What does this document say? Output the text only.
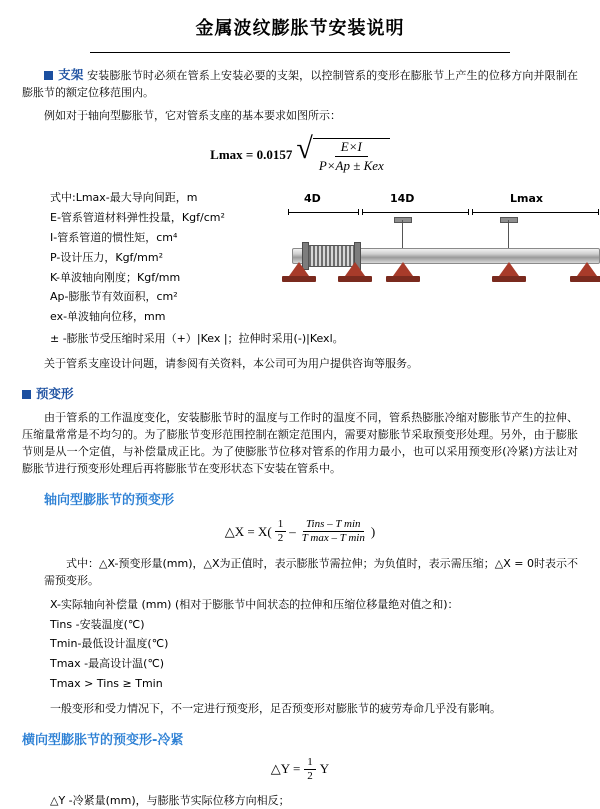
金属波纹膨胀节安装说明

支架 安装膨胀节时必须在管系上安装必要的支架，以控制管系的变形在膨胀节上产生的位移方向并限制在膨胀节的额定位移范围内。

例如对于轴向型膨胀节，它对管系支座的基本要求如图所示：

Lmax = 0.0157 √ $\frac{E\times I}{\text{P×Ap ± Kex}}$
式中:Lmax-最大导向间距，m
E-管系管道材料弹性投量，Kgf/cm²
I-管系管道的惯性矩，cm⁴
P-设计压力，Kgf/mm²
K-单波轴向刚度；Kgf/mm
Ap-膨胀节有效面积，cm²
ex-单波轴向位移，mm
4D	14D	Lmax
± -膨胀节受压缩时采用（+）|Kex |；拉伸时采用(-)|Kexl。

关于管系支座设计问题，请参阅有关资料，本公司可为用户提供咨询等服务。

预变形

由于管系的工作温度变化，安装膨胀节时的温度与工作时的温度不同，管系热膨胀冷缩对膨胀节产生的拉伸、压缩量常常是不均匀的。为了膨胀节变形范围控制在额定范围内，需要对膨胀节采取预变形处理。另外，由于膨胀节则是从一个定值，与补偿量成正比。为了使膨胀节位移对管系的作用力最小，也可以采用预变形(冷紧)方法让对膨胀节进行预变形处理后再将膨胀节在变形状态下安装在管系中。

轴向型膨胀节的预变形
△X = $X( \frac{1}{2}$ – Tins – T min
T max – T min )

式中：△X-预变形量(mm)，△X为正值时，表示膨胀节需拉伸；为负值时，表示需压缩；△X = 0时表示不需预变形。

X-实际轴向补偿量 (mm) (相对于膨胀节中间状态的拉伸和压缩位移量绝对值之和)：
Tins -安装温度(℃)
Tmin-最低设计温度(℃)
Tmax -最高设计温(℃)
Tmax > Tins ≥ Tmin

一般变形和受力情况下，不一定进行预变形，足否预变形对膨胀节的疲劳寿命几乎没有影响。

横向型膨胀节的预变形-冷紧
△Y = $\frac{1}{2}$ Y

△Y -冷紧量(mm)，与膨胀节实际位移方向相反；
